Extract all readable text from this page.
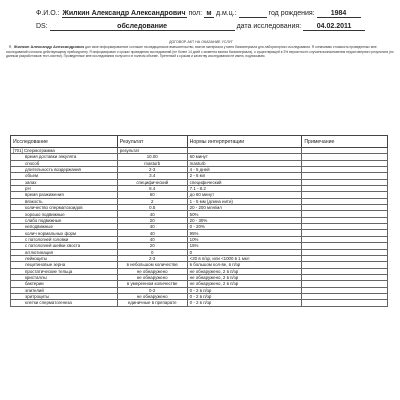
Ф.И.О.: Жилкин Александр Александрович пол: м д.м.ц.:	год рождения: 1984
DS:	обследование	дата исследования: 04.02.2011
ДОГОВОР-АКТ НА ОКАЗАНИЕ УСЛУГ
Я,  Жилкин Александр Александрович дал свое информированное согласие на медицинское вмешательство, взятие материала у меня биоматериала для лабораторного исследования. Я оплачиваю стоимость проведенных мне исследований согласно действующему прейскуранту. Я информирован о сроках проведения исследований (не более 14 дней с момента взятия биоматериала), о существующей в 3% вероятности случаев возникновения недостоверного результата (по данным разработчиков тест-систем). Проведенные мне исследования получил и в полном объеме. Претензий к срокам и качеству исследования не имею, подписываю.
Исследование	Результат	Нормы интерпретации	Примечание
[701] Спермограмма	результат		
время доставки эякулята	10.00	60 минут	
способ	masturb	masturb	
длительность воздержания	2-3	4 - 5 дней	
объем	3.4	2 - 6 мл	
запах	специфический	специфический	
pH	8.4	7.1 - 8.2	
время разжижения	60	до 60 минут	
вязкость	2	1 - 5 мм (длина нити)	
количество сперматозоидов	0.5	20 - 200 млн/мл	
хорошо подвижные	40	50%	
слабо подвижные	20	20 - 30%	
неподвижные	40	0 - 20%	
колич нормальных форм	40	95%	
с патологией головки	40	10%	
с патологией шейки хвоста	20	15%	
агглютинация	0	0	
лейкоциты	2-3	<20 в п/зр, или <1000 в 1 мкл	
лецитиновые зерна	в небольшом количестве	в большом кол-ве, в п/зр	
простатические тельца	не обнаружено	не обнаружено, 2 в п/зр	
кристаллы	не обнаружено	не обнаружено, 2 в п/зр	
бактерии	в умеренном количестве	не обнаружено, 2 в п/зр	
эпителий	0-2	0 - 2 в п/зр	
эритроциты	не обнаружено	0 - 2 в п/зр	
клетки сперматогенеза	единичные в препарате	0 - 2 в п/зр	
